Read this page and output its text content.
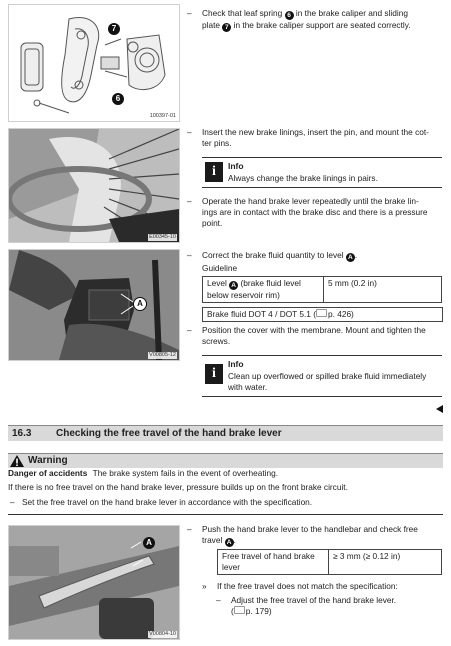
7
6
100397-01
E00345-10
A
V00805-12
A
V00804-10
– Check that leaf spring 6 in the brake caliper and sliding
plate 7 in the brake caliper support are seated correctly.
– Insert the new brake linings, insert the pin, and mount the cot-
ter pins.
i	Info
Always change the brake linings in pairs.
– Operate the hand brake lever repeatedly until the brake lin-
ings are in contact with the brake disc and there is a pressure
point.
– Correct the brake fluid quantity to level A .
Guideline
Level A (brake fluid level
below reservoir rim)	5 mm (0.2 in)
Brake fluid DOT 4 / DOT 5.1 ( p. 426)
– Position the cover with the membrane. Mount and tighten the
screws.
i
Info
Clean up overflowed or spilled brake fluid immediately
with water.
16.3 Checking the free travel of the hand brake lever
Warning
Danger of accidents The brake system fails in the event of overheating.
If there is no free travel on the hand brake lever, pressure builds up on the front brake circuit.
– Set the free travel on the hand brake lever in accordance with the specification.
– Push the hand brake lever to the handlebar and check free
travel A .
Free travel of hand brake
lever	≥ 3 mm (≥ 0.12 in)
» If the free travel does not match the specification:
– Adjust the free travel of the hand brake lever.
( p. 179)
